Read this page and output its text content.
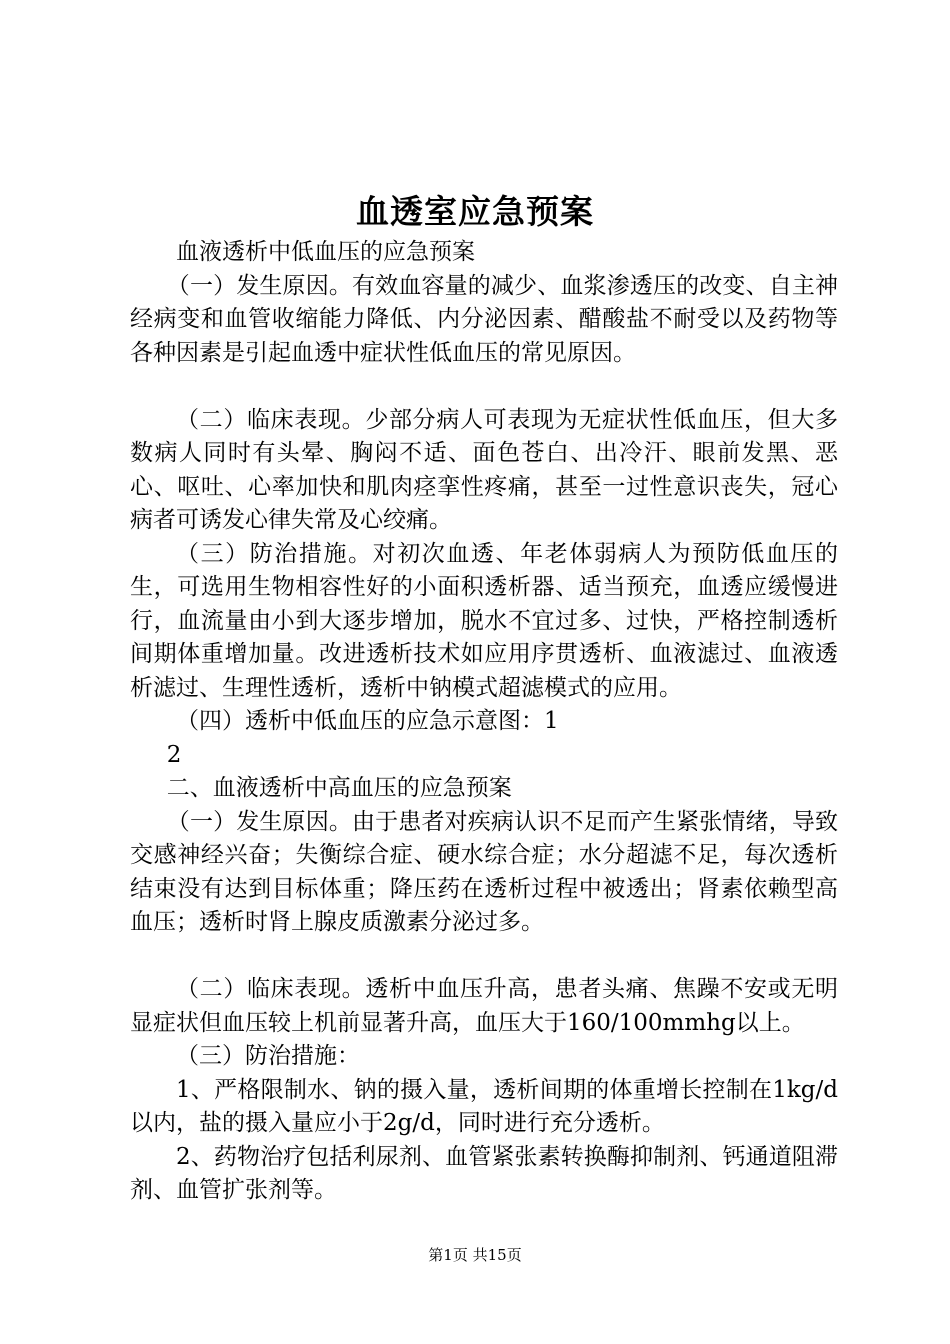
血透室应急预案

血液透析中低血压的应急预案

（一）发生原因。有效血容量的减少、血浆渗透压的改变、自主神经病变和血管收缩能力降低、内分泌因素、醋酸盐不耐受以及药物等各种因素是引起血透中症状性低血压的常见原因。

（二）临床表现。少部分病人可表现为无症状性低血压，但大多数病人同时有头晕、胸闷不适、面色苍白、出冷汗、眼前发黑、恶心、呕吐、心率加快和肌肉痉挛性疼痛，甚至一过性意识丧失，冠心病者可诱发心律失常及心绞痛。

（三）防治措施。对初次血透、年老体弱病人为预防低血压的生，可选用生物相容性好的小面积透析器、适当预充，血透应缓慢进行，血流量由小到大逐步增加，脱水不宜过多、过快，严格控制透析间期体重增加量。改进透析技术如应用序贯透析、血液滤过、血液透析滤过、生理性透析，透析中钠模式超滤模式的应用。

（四）透析中低血压的应急示意图：1

2

二、血液透析中高血压的应急预案

（一）发生原因。由于患者对疾病认识不足而产生紧张情绪，导致交感神经兴奋；失衡综合症、硬水综合症；水分超滤不足，每次透析结束没有达到目标体重；降压药在透析过程中被透出；肾素依赖型高血压；透析时肾上腺皮质激素分泌过多。

（二）临床表现。透析中血压升高，患者头痛、焦躁不安或无明显症状但血压较上机前显著升高，血压大于160/100mmhg以上。

（三）防治措施：

1、严格限制水、钠的摄入量，透析间期的体重增长控制在1kg/d以内，盐的摄入量应小于2g/d，同时进行充分透析。

2、药物治疗包括利尿剂、血管紧张素转换酶抑制剂、钙通道阻滞剂、血管扩张剂等。

第1页 共15页
